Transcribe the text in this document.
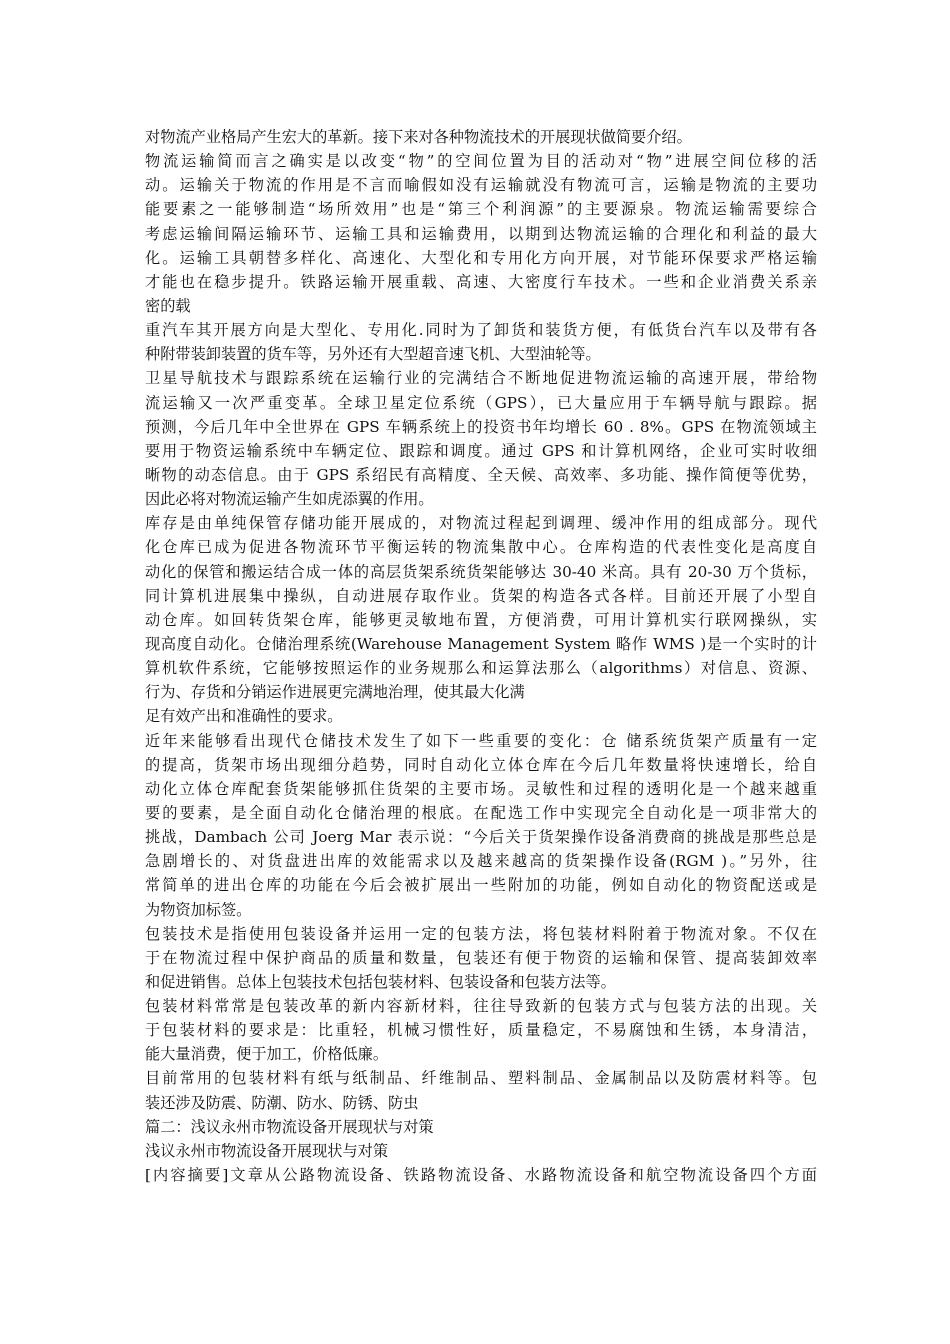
对物流产业格局产生宏大的革新。接下来对各种物流技术的开展现状做简要介绍。
物流运输简而言之确实是以改变“物”的空间位置为目的活动对“物”进展空间位移的活
动。运输关于物流的作用是不言而喻假如没有运输就没有物流可言，运输是物流的主要功
能要素之一能够制造“场所效用”也是“第三个利润源”的主要源泉。物流运输需要综合
考虑运输间隔运输环节、运输工具和运输费用，以期到达物流运输的合理化和利益的最大
化。运输工具朝替多样化、高速化、大型化和专用化方向开展，对节能环保要求严格运输
才能也在稳步提升。铁路运输开展重载、高速、大密度行车技术。一些和企业消费关系亲
密的载
重汽车其开展方向是大型化、专用化.同时为了卸货和装货方便，有低货台汽车以及带有各
种附带装卸装置的货车等，另外还有大型超音速飞机、大型油轮等。
卫星导航技术与跟踪系统在运输行业的完满结合不断地促进物流运输的高速开展，带给物
流运输又一次严重变革。全球卫星定位系统（GPS），已大量应用于车辆导航与跟踪。据
预测，今后几年中全世界在 GPS 车辆系统上的投资书年均增长 60 . 8%。GPS 在物流领域主
要用于物资运输系统中车辆定位、跟踪和调度。通过 GPS 和计算机网络，企业可实时收细
晰物的动态信息。由于 GPS 系绍民有高精度、全天候、高效率、多功能、操作简便等优势，
因此必将对物流运输产生如虎添翼的作用。
库存是由单纯保管存储功能开展成的，对物流过程起到调理、缓冲作用的组成部分。现代
化仓库已成为促进各物流环节平衡运转的物流集散中心。仓库构造的代表性变化是高度自
动化的保管和搬运结合成一体的高层货架系统货架能够达 30-40 米高。具有 20-30 万个货标，
同计算机进展集中操纵，自动进展存取作业。货架的构造各式各样。目前还开展了小型自
动仓库。如回转货架仓库，能够更灵敏地布置，方便消费，可用计算机实行联网操纵，实
现高度自动化。仓储治理系统(Warehouse Management System 略作 WMS )是一个实时的计
算机软件系统，它能够按照运作的业务规那么和运算法那么（algorithms）对信息、资源、
行为、存货和分销运作进展更完满地治理，使其最大化满
足有效产出和准确性的要求。
近年来能够看出现代仓储技术发生了如下一些重要的变化：仓 储系统货架产质量有一定
的提高，货架市场出现细分趋势，同时自动化立体仓库在今后几年数量将快速增长，给自
动化立体仓库配套货架能够抓住货架的主要市场。灵敏性和过程的透明化是一个越来越重
要的要素，是全面自动化仓储治理的根底。在配选工作中实现完全自动化是一项非常大的
挑战，Dambach 公司 Joerg Mar 表示说：“今后关于货架操作设备消费商的挑战是那些总是
急剧增长的、对货盘进出库的效能需求以及越来越高的货架操作设备(RGM )。”另外，往
常简单的进出仓库的功能在今后会被扩展出一些附加的功能，例如自动化的物资配送或是
为物资加标签。
包装技术是指使用包装设备并运用一定的包装方法，将包装材料附着于物流对象。不仅在
于在物流过程中保护商品的质量和数量，包装还有便于物资的运输和保管、提高装卸效率
和促进销售。总体上包装技术包括包装材料、包装设备和包装方法等。
包装材料常常是包装改革的新内容新材料，往往导致新的包装方式与包装方法的出现。关
于包装材料的要求是：比重轻，机械习惯性好，质量稳定，不易腐蚀和生锈，本身清洁，
能大量消费，便于加工，价格低廉。
目前常用的包装材料有纸与纸制品、纤维制品、塑料制品、金属制品以及防震材料等。包
装还涉及防震、防潮、防水、防锈、防虫
篇二：浅议永州市物流设备开展现状与对策
浅议永州市物流设备开展现状与对策
[内容摘要]文章从公路物流设备、铁路物流设备、水路物流设备和航空物流设备四个方面
